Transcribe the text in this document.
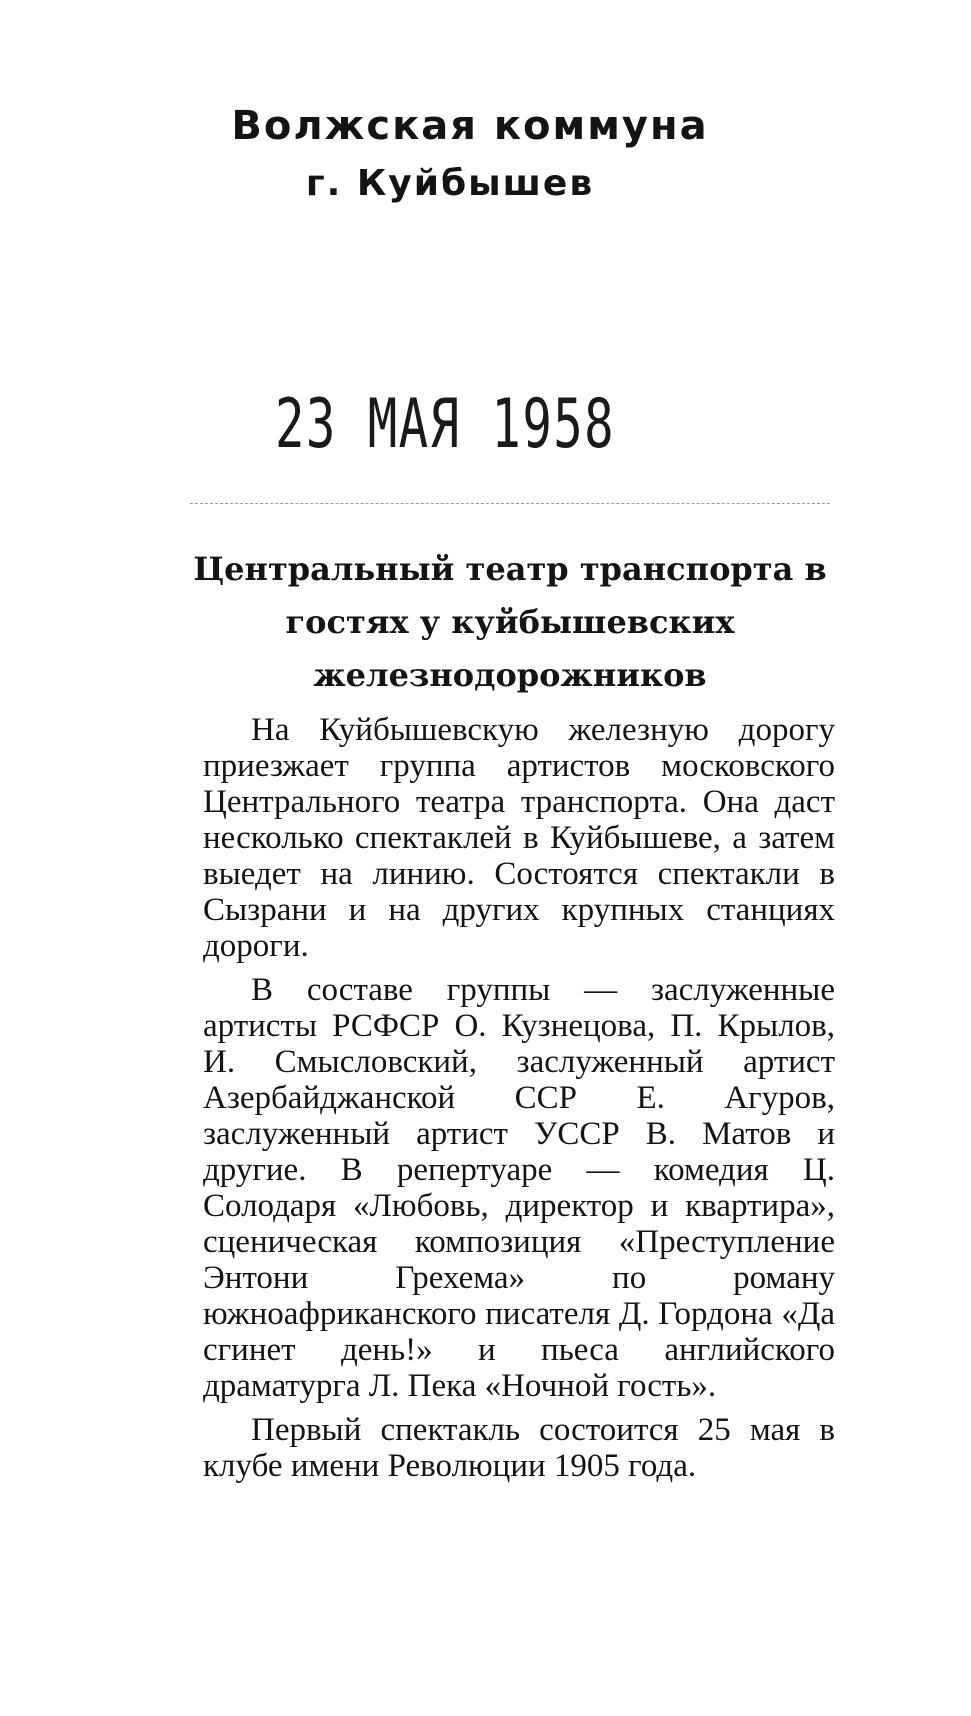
Волжская коммуна
г. Куйбышев
23 МАЯ 1958
Центральный театр транспорта в гостях у куйбышевских железнодорожников

На Куйбышевскую железную дорогу приезжает группа артистов московского Центрального театра транспорта. Она даст несколько спектаклей в Куйбышеве, а затем выедет на линию. Состоятся спектакли в Сызрани и на других крупных станциях дороги.

В составе группы — заслуженные артисты РСФСР О. Кузнецова, П. Крылов, И. Смысловский, заслуженный артист Азербайджанской ССР Е. Агуров, заслуженный артист УССР В. Матов и другие. В репертуаре — комедия Ц. Солодаря «Любовь, директор и квартира», сценическая композиция «Преступление Энтони Грехема» по роману южноафриканского писателя Д. Гордона «Да сгинет день!» и пьеса английского драматурга Л. Пека «Ночной гость».

Первый спектакль состоится 25 мая в клубе имени Революции 1905 года.
